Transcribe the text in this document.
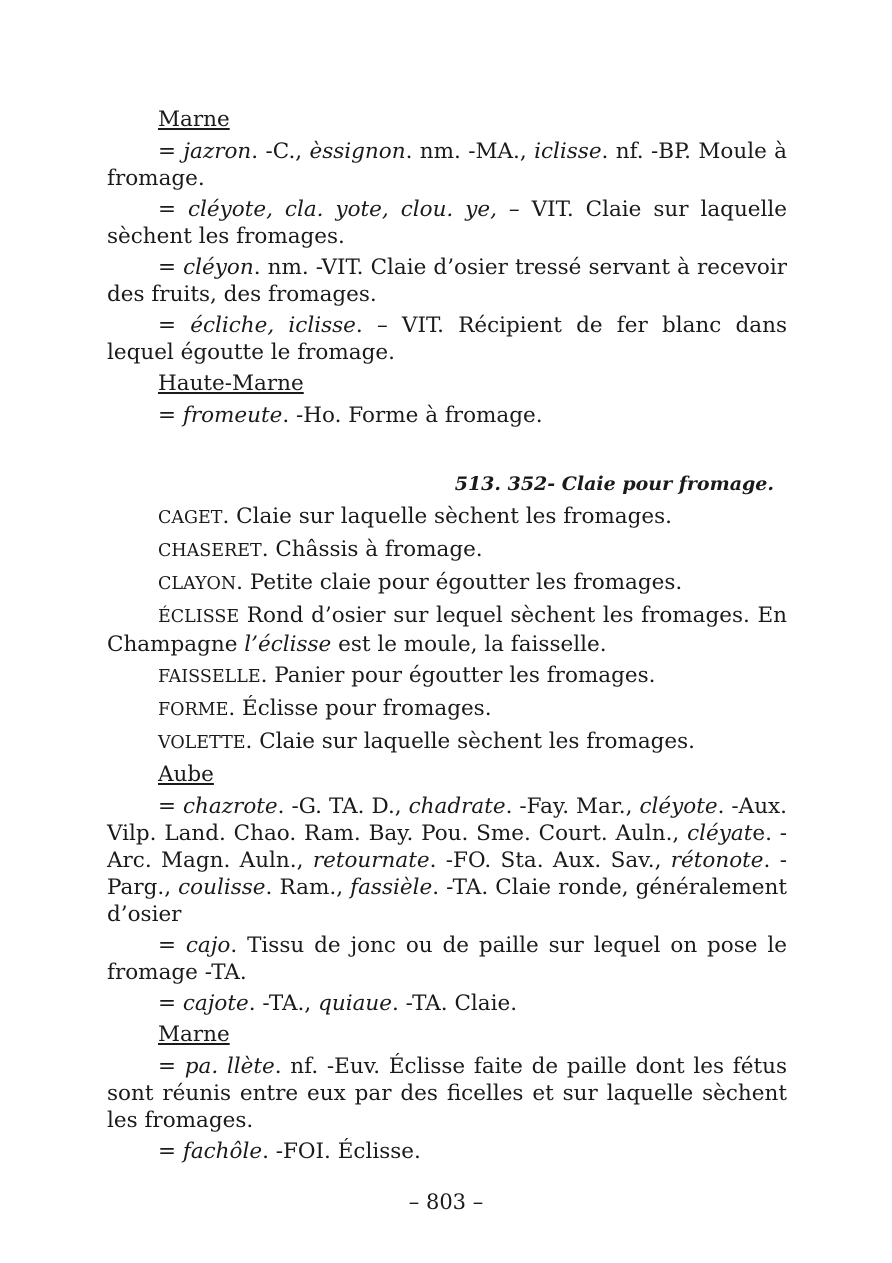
Marne

= jazron. -C., èssignon. nm. -MA., iclisse. nf. -BP. Moule à fromage.

= cléyote, cla. yote, clou. ye, – VIT. Claie sur laquelle sèchent les fromages.

= cléyon. nm. -VIT. Claie d’osier tressé servant à recevoir des fruits, des fromages.

= écliche, iclisse. – VIT. Récipient de fer blanc dans lequel égoutte le fromage.

Haute-Marne

= fromeute. -Ho. Forme à fromage.

513. 352- Claie pour fromage.

CAGET. Claie sur laquelle sèchent les fromages.

CHASERET. Châssis à fromage.

CLAYON. Petite claie pour égoutter les fromages.

ÉCLISSE Rond d’osier sur lequel sèchent les fromages. En Champagne l’éclisse est le moule, la faisselle.

FAISSELLE. Panier pour égoutter les fromages.

FORME. Éclisse pour fromages.

VOLETTE. Claie sur laquelle sèchent les fromages.

Aube

= chazrote. -G. TA. D., chadrate. -Fay. Mar., cléyote. -Aux. Vilp. Land. Chao. Ram. Bay. Pou. Sme. Court. Auln., cléyate. -Arc. Magn. Auln., retournate. -FO. Sta. Aux. Sav., rétonote. -Parg., coulisse. Ram., fassièle. -TA. Claie ronde, généralement d’osier

= cajo. Tissu de jonc ou de paille sur lequel on pose le fromage -TA.

= cajote. -TA., quiaue. -TA. Claie.

Marne

= pa. llète. nf. -Euv. Éclisse faite de paille dont les fétus sont réunis entre eux par des ficelles et sur laquelle sèchent les fromages.

= fachôle. -FOI. Éclisse.

– 803 –
